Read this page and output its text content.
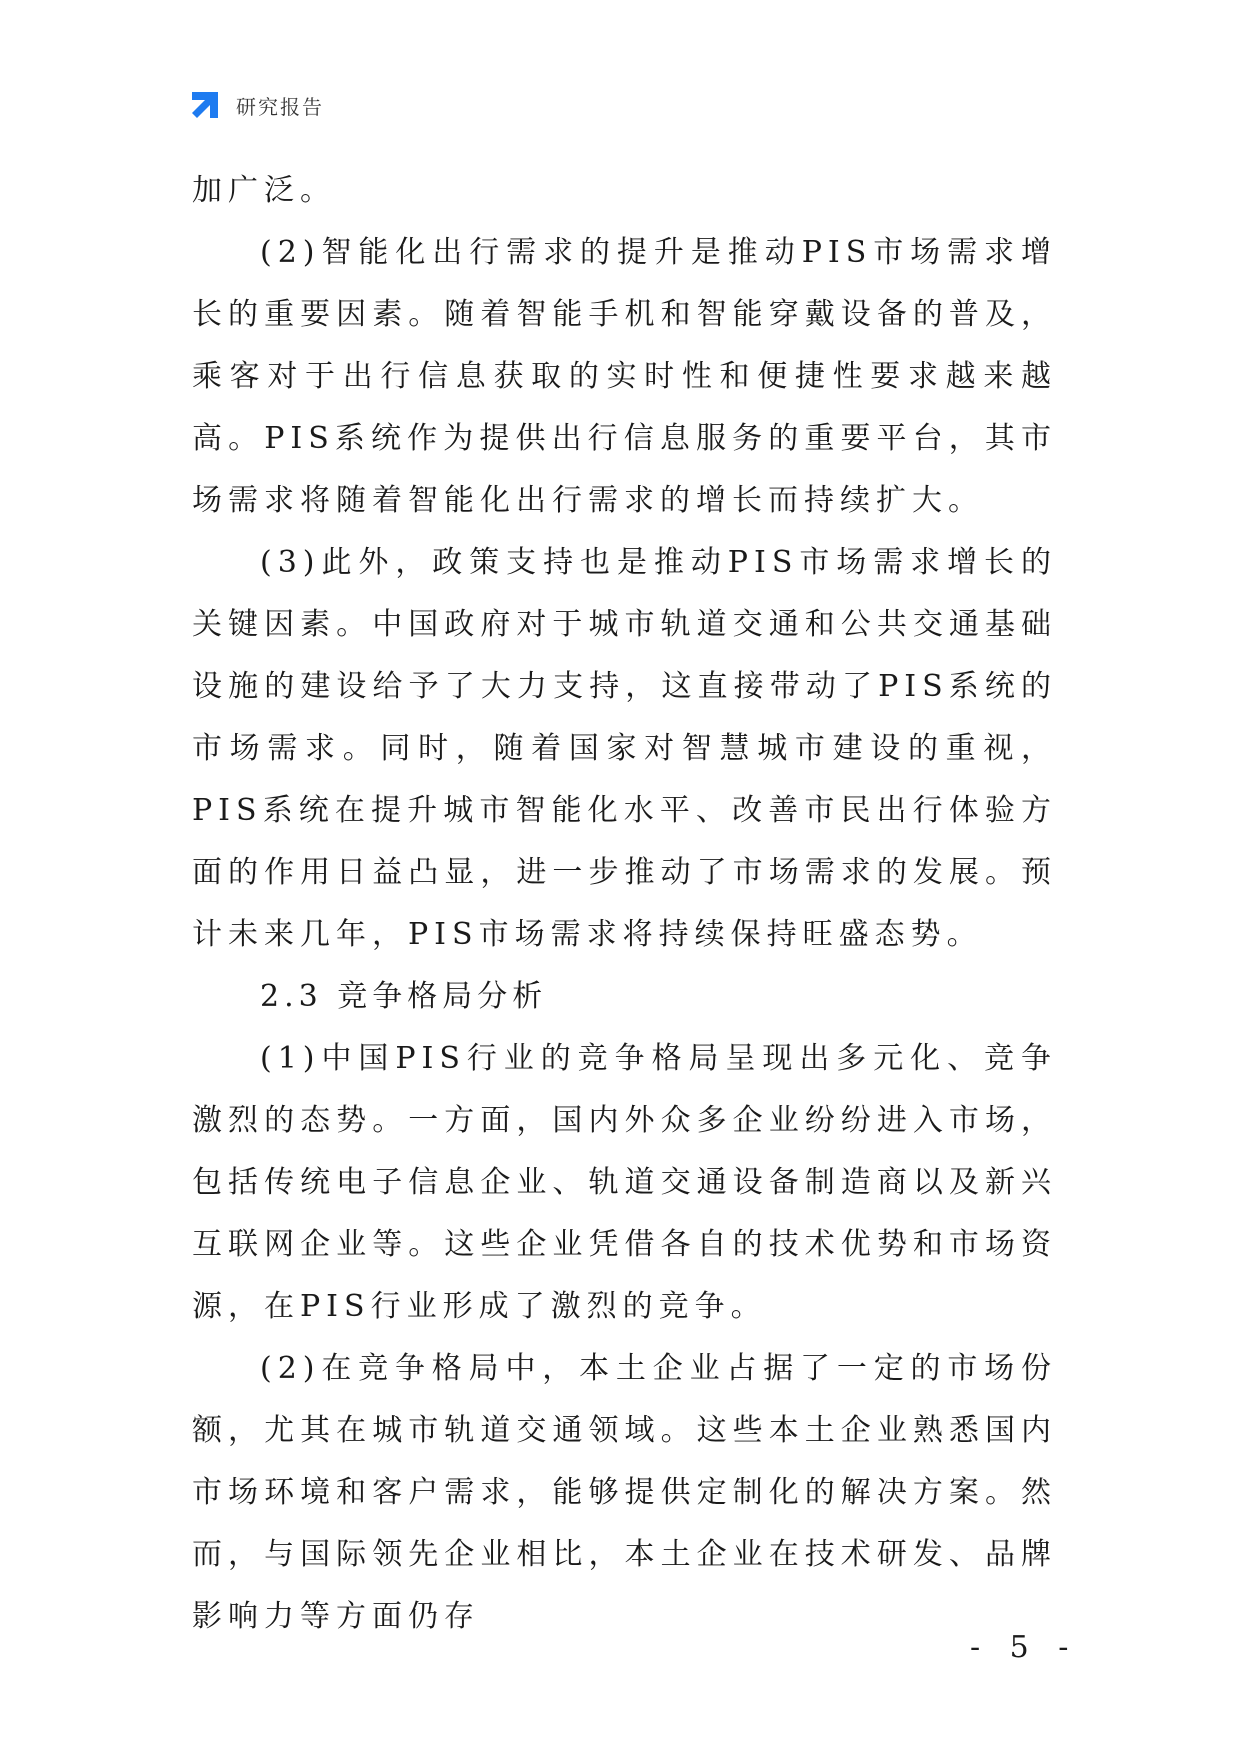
研究报告

加广泛。

(2)智能化出行需求的提升是推动PIS市场需求增长的重要因素。随着智能手机和智能穿戴设备的普及，乘客对于出行信息获取的实时性和便捷性要求越来越高。PIS系统作为提供出行信息服务的重要平台，其市场需求将随着智能化出行需求的增长而持续扩大。

(3)此外，政策支持也是推动PIS市场需求增长的关键因素。中国政府对于城市轨道交通和公共交通基础设施的建设给予了大力支持，这直接带动了PIS系统的市场需求。同时，随着国家对智慧城市建设的重视，PIS系统在提升城市智能化水平、改善市民出行体验方面的作用日益凸显，进一步推动了市场需求的发展。预计未来几年，PIS市场需求将持续保持旺盛态势。

2.3 竞争格局分析

(1)中国PIS行业的竞争格局呈现出多元化、竞争激烈的态势。一方面，国内外众多企业纷纷进入市场，包括传统电子信息企业、轨道交通设备制造商以及新兴互联网企业等。这些企业凭借各自的技术优势和市场资源，在PIS行业形成了激烈的竞争。

(2)在竞争格局中，本土企业占据了一定的市场份额，尤其在城市轨道交通领域。这些本土企业熟悉国内市场环境和客户需求，能够提供定制化的解决方案。然而，与国际领先企业相比，本土企业在技术研发、品牌影响力等方面仍存

- 5 -
